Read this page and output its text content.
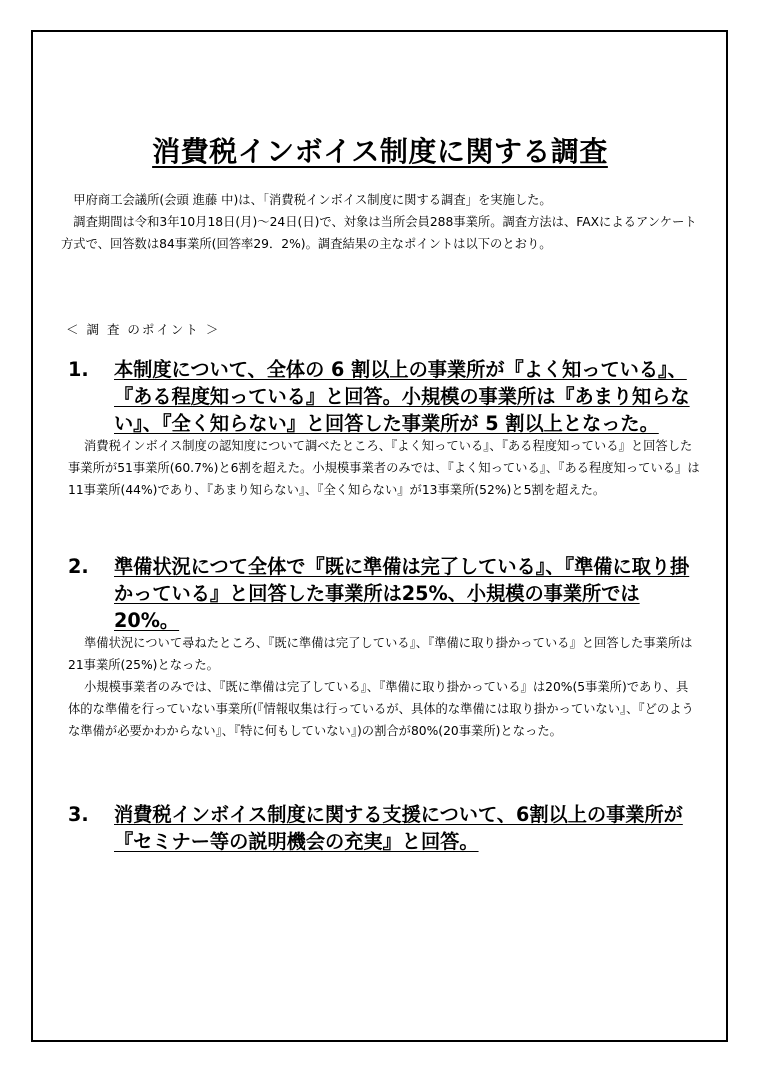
消費税インボイス制度に関する調査

甲府商工会議所(会頭 進藤 中)は、「消費税インボイス制度に関する調査」を実施した。

調査期間は令和3年10月18日(月)～24日(日)で、対象は当所会員288事業所。調査方法は、FAXによるアンケート方式で、回答数は84事業所(回答率29．2%)。調査結果の主なポイントは以下のとおり。

＜ 調 査 のポイント ＞
1. 本制度について、全体の 6 割以上の事業所が『よく知っている』、『ある程度知っている』と回答。小規模の事業所は『あまり知らない』、『全く知らない』と回答した事業所が 5 割以上となった。

消費税インボイス制度の認知度について調べたところ、『よく知っている』、『ある程度知っている』と回答した事業所が51事業所(60.7%)と6割を超えた。小規模事業者のみでは、『よく知っている』、『ある程度知っている』は11事業所(44%)であり、『あまり知らない』、『全く知らない』が13事業所(52%)と5割を超えた。

2. 準備状況につて全体で『既に準備は完了している』、『準備に取り掛かっている』と回答した事業所は25%、小規模の事業所では 20%。

準備状況について尋ねたところ、『既に準備は完了している』、『準備に取り掛かっている』と回答した事業所は21事業所(25%)となった。

小規模事業者のみでは、『既に準備は完了している』、『準備に取り掛かっている』は20%(5事業所)であり、具体的な準備を行っていない事業所(『情報収集は行っているが、具体的な準備には取り掛かっていない』、『どのような準備が必要かわからない』、『特に何もしていない』)の割合が80%(20事業所)となった。

3. 消費税インボイス制度に関する支援について、6割以上の事業所が『セミナー等の説明機会の充実』と回答。
